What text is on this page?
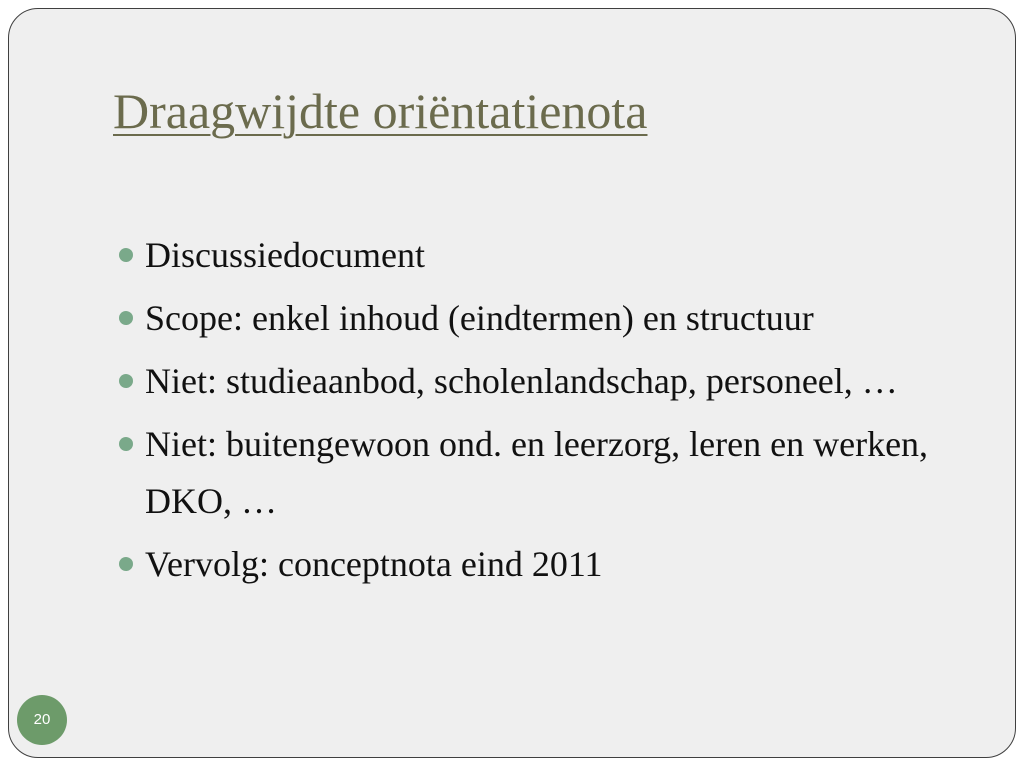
Draagwijdte oriëntatienota
Discussiedocument
Scope: enkel inhoud (eindtermen) en structuur
Niet: studieaanbod, scholenlandschap, personeel, …
Niet: buitengewoon ond. en leerzorg, leren en werken, DKO, …
Vervolg: conceptnota eind 2011
20
